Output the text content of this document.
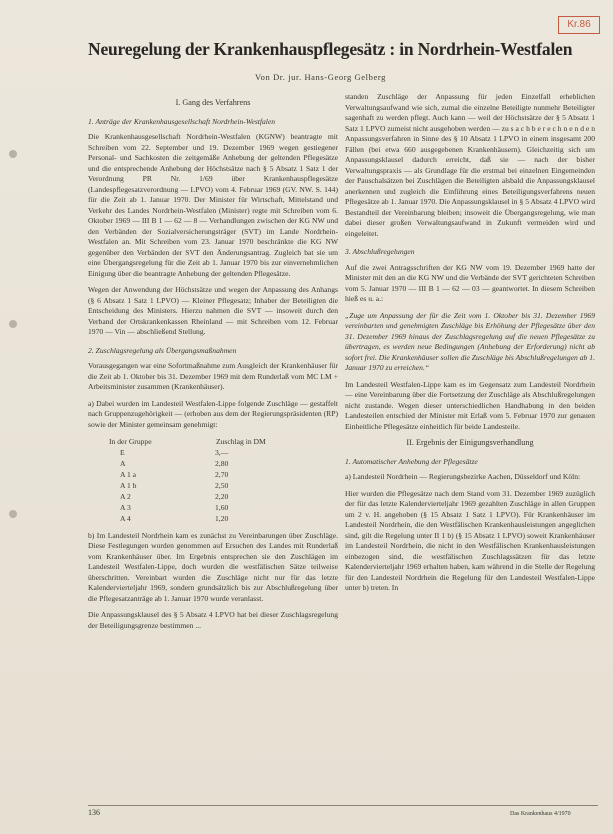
Kr.86
Neuregelung der Krankenhauspflegesätz : in Nordrhein-Westfalen
Von Dr. jur. Hans-Georg Gelberg
I. Gang des Verfahrens
1. Anträge der Krankenhausgesellschaft Nordrhein-Westfalen

Die Krankenhausgesellschaft Nordrhein-Westfalen (KGNW) beantragte mit Schreiben vom 22. September und 19. Dezember 1969 wegen gestiegener Personal- und Sachkosten die zeitgemäße Anhebung der geltenden Pflegesätze und die entsprechende Anhebung der Höchstsätze nach § 5 Absatz 1 Satz 1 der Verordnung PR Nr. 1/69 über Krankenhauspflegesätze (Landespflegesatzverordnung — LPVO) vom 4. Februar 1969 (GV. NW. S. 144) für die Zeit ab 1. Januar 1970. Der Minister für Wirtschaft, Mittelstand und Verkehr des Landes Nordrhein-Westfalen (Minister) regte mit Schreiben vom 6. Oktober 1969 — III B 1 — 62 — 8 — Verhandlungen zwischen der KG NW und den Verbänden der Sozialversicherungsträger (SVT) im Lande Nordrhein-Westfalen an. Mit Schreiben vom 23. Januar 1970 beschränkte die KG NW gegenüber den Verbänden der SVT den Änderungsantrag. Zugleich bat sie um eine Übergangsregelung für die Zeit ab 1. Januar 1970 bis zur einvernehmlichen Einigung über die beantragte Anhebung der geltenden Pflegesätze.

Wegen der Anwendung der Höchstsätze und wegen der Anpassung des Anhangs (§ 6 Absatz 1 Satz 1 LPVO) — Kleiner Pflegesatz; Inhaber der Beteiligten die Entscheidung des Ministers. Hierzu nahmen die SVT — insoweit durch den Verband der Ortskrankenkassen Rheinland — mit Schreiben vom 12. Februar 1970 — Vin — abschließend Stellung.

2. Zuschlagsregelung als Übergangsmaßnahmen

Vorausgegangen war eine Sofortmaßnahme zum Ausgleich der Krankenhäuser für die Zeit ab 1. Oktober bis 31. Dezember 1969 mit dem Runderlaß vom MC LM + Arbeitsminister zusammen (Krankenhäuser).

a) Dabei wurden im Landesteil Westfalen-Lippe folgende Zuschläge — gestaffelt nach Gruppenzugehörigkeit — (erhoben aus dem der Regierungspräsidenten (RP) sowie der Minister gemeinsam genehmigt:

In der Gruppe	Zuschlag in DM
E	3,—
A	2,80
A 1 a	2,70
A 1 b	2,50
A 2	2,20
A 3	1,60
A 4	1,20

b) Im Landesteil Nordrhein kam es zunächst zu Vereinbarungen über Zuschläge. Diese Festlegungen wurden genommen auf Ersuchen des Landes mit Runderlaß vom Krankenhäuser über. Im Ergebnis entsprechen sie den Zuschlägen im Landesteil Westfalen-Lippe, doch wurden die westfälischen Sätze teilweise überschritten. Vereinbart wurden die Zuschläge nicht nur für das letzte Kalendervierteljahr 1969, sondern grundsätzlich bis zur Abschlußregelung über die Pflegesatzanträge ab 1. Januar 1970 wurde veranlasst.

Die Anpassungsklausel des § 5 Absatz 4 LPVO hat bei dieser Zuschlagsregelung der Beteiligungsgrenze bestimmen ...

standen Zuschläge der Anpassung für jeden Einzelfall erheblichen Verwaltungsaufwand wie sich, zumal die einzelne Beteiligte nunmehr Beteiligter sagenhaft zu werden pflegt. Auch kann — weil der Höchstsätze der § 5 Absatz 1 Satz 1 LPVO zumeist nicht ausgehoben werden — zu s a c h b e r e c h n e n d e n Anpassungsverfahren in Sinne des § 10 Absatz 1 LPVO in einem insgesamt 200 Fällen (bei etwa 660 ausgegebenen Krankenhäusern). Gleichzeitig sich um Anpassungsklausel dadurch erreicht, daß sie — nach der bisher Verwaltungspraxis — als Grundlage für die erstmal bei einzelnen Eingemeinden der Pauschalsätzen bei Zuschlägen die Beteiligten alsbald die Anpassungsklausel anerkennen und zugleich die Einführung eines Beteiligungsverfahrens neuen Pflegesätze ab 1. Januar 1970. Die Anpassungsklausel in § 5 Absatz 4 LPVO wird Bestandteil der Vereinbarung bleiben; insoweit die Übergangsregelung, wie man dabei dieser großen Verwaltungsaufwand in Zukunft vermeiden wird und eingeleitet.

3. Abschlußregelungen

Auf die zwei Antragsschriften der KG NW vom 19. Dezember 1969 hatte der Minister mit den an die KG NW und die Verbände der SVT gerichteten Schreiben vom 5. Januar 1970 — III B 1 — 62 — 03 — geantwortet. In diesem Schreiben hieß es u. a.:

„Zuge um Anpassung der für die Zeit vom 1. Oktober bis 31. Dezember 1969 vereinbarten und genehmigten Zuschläge bis Erhöhung der Pflegesätze über den 31. Dezember 1969 hinaus der Zuschlagsregelung auf die neuen Pflegesätze zu übertragen, es werden neue Bedingungen (Anhebung der Erforderung) nicht ab sofort frei. Die Krankenhäuser sollen die Zuschläge bis Abschlußregelungen ab 1. Januar 1970 zu erreichen.“

Im Landesteil Westfalen-Lippe kam es im Gegensatz zum Landesteil Nordrhein — eine Vereinbarung über die Fortsetzung der Zuschläge als Abschlußregelungen nicht zustande. Wegen dieser unterschiedlichen Handhabung in den beiden Landesteilen entschied der Minister mit Erlaß vom 5. Februar 1970 zur genauen Einheitliche Pflegesätze einheitlich für beide Landesteile.

II. Ergebnis der Einigungsverhandlung
1. Automatischer Anhebung der Pflegesätze

a) Landesteil Nordrhein — Regierungsbezirke Aachen, Düsseldorf und Köln:

Hier wurden die Pflegesätze nach dem Stand vom 31. Dezember 1969 zuzüglich der für das letzte Kalendervierteljahr 1969 gezahlten Zuschläge in allen Gruppen um 2 v. H. angehoben (§ 15 Absatz 1 Satz 1 LPVO). Für Krankenhäuser im Landesteil Nordrhein, die den Westfälischen Krankenhausleistungen angeglichen sind, gilt die Regelung unter II 1 b) (§ 15 Absatz 1 LPVO) soweit Krankenhäuser im Landesteil Nordrhein, die nicht in den Westfälischen Krankenhausleistungen einbezogen sind, die westfälischen Zuschlagssätzen für das letzte Kalendervierteljahr 1969 erhalten haben, kam während in die Stelle der Regelung für den Landesteil Nordrhein die Regelung für den Landesteil Westfalen-Lippe unter b) treten. In

136	Das Krankenhaus 4/1970
